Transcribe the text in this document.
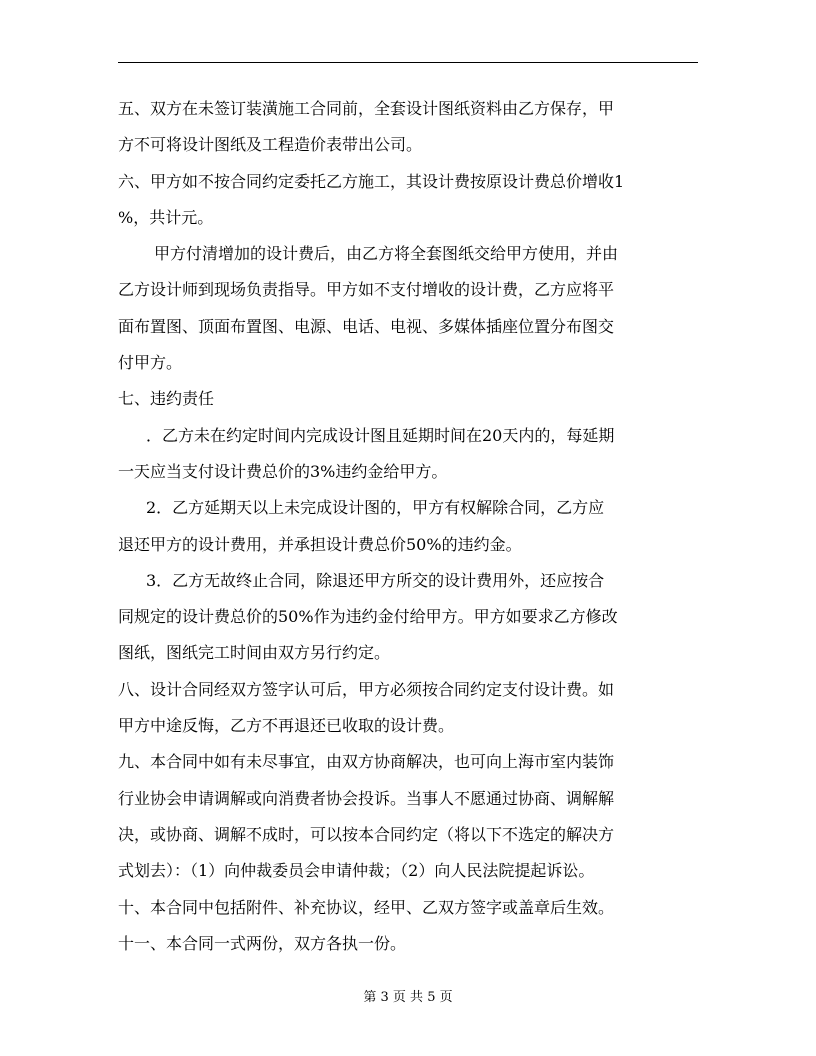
五、双方在未签订装潢施工合同前，全套设计图纸资料由乙方保存，甲
方不可将设计图纸及工程造价表带出公司。
六、甲方如不按合同约定委托乙方施工，其设计费按原设计费总价增收1
%，共计元。
甲方付清增加的设计费后，由乙方将全套图纸交给甲方使用，并由
乙方设计师到现场负责指导。甲方如不支付增收的设计费，乙方应将平
面布置图、顶面布置图、电源、电话、电视、多媒体插座位置分布图交
付甲方。
七、违约责任
．乙方未在约定时间内完成设计图且延期时间在20天内的，每延期
一天应当支付设计费总价的3%违约金给甲方。
2．乙方延期天以上未完成设计图的，甲方有权解除合同，乙方应
退还甲方的设计费用，并承担设计费总价50%的违约金。
3．乙方无故终止合同，除退还甲方所交的设计费用外，还应按合
同规定的设计费总价的50%作为违约金付给甲方。甲方如要求乙方修改
图纸，图纸完工时间由双方另行约定。
八、设计合同经双方签字认可后，甲方必须按合同约定支付设计费。如
甲方中途反悔，乙方不再退还已收取的设计费。
九、本合同中如有未尽事宜，由双方协商解决，也可向上海市室内装饰
行业协会申请调解或向消费者协会投诉。当事人不愿通过协商、调解解
决，或协商、调解不成时，可以按本合同约定（将以下不选定的解决方
式划去）：（1）向仲裁委员会申请仲裁；（2）向人民法院提起诉讼。
十、本合同中包括附件、补充协议，经甲、乙双方签字或盖章后生效。
十一、本合同一式两份，双方各执一份。
第 3 页 共 5 页
